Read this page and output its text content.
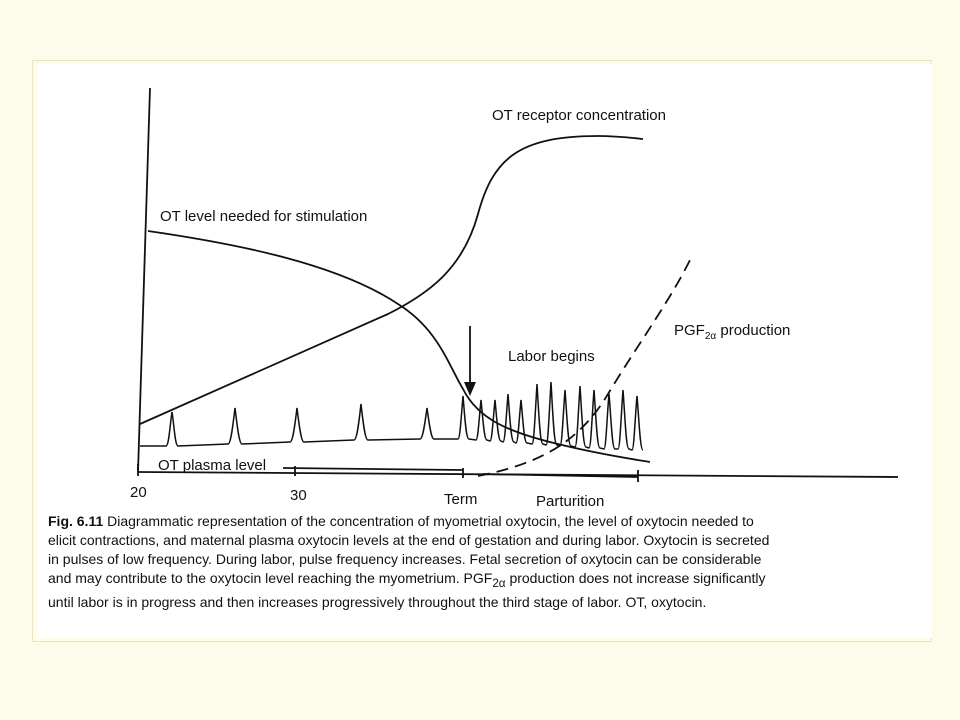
OT receptor concentration
OT level needed for stimulation
Labor begins
$PGF_{2\alpha}$ production
OT plasma level
20	30	Term	Parturition
Fig. 6.11 Diagrammatic representation of the concentration of myometrial oxytocin, the level of oxytocin needed to
elicit contractions, and maternal plasma oxytocin levels at the end of gestation and during labor. Oxytocin is secreted
in pulses of low frequency. During labor, pulse frequency increases. Fetal secretion of oxytocin can be considerable
and may contribute to the oxytocin level reaching the myometrium. $PGF_{2\alpha}$ production does not increase significantly
until labor is in progress and then increases progressively throughout the third stage of labor. OT, oxytocin.
